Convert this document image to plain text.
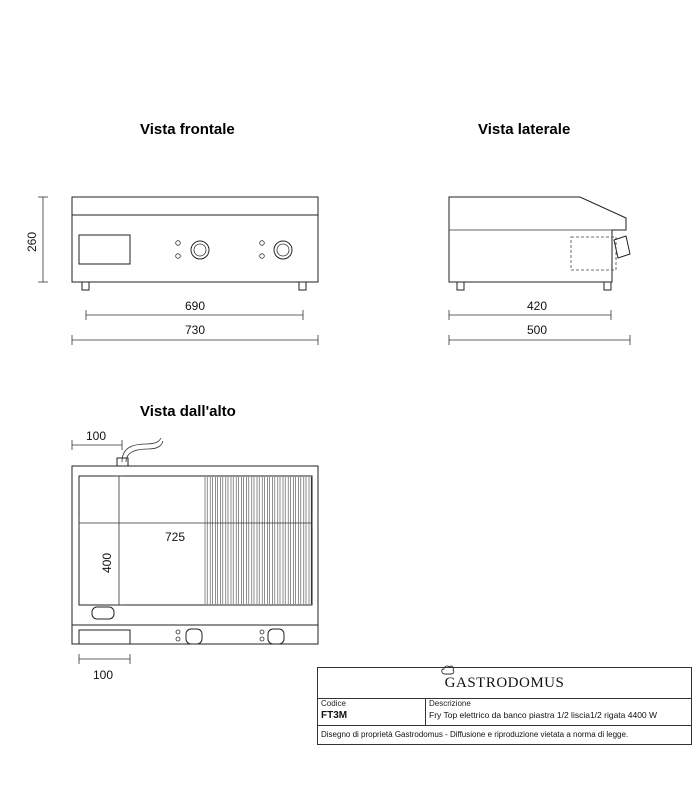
Vista frontale	Vista laterale
Vista dall'alto
260
690
730
420
500
100
725
400
100	GASTRODOMUS
Codice
FT3M
Descrizione
Fry Top elettrico da banco piastra 1/2 liscia1/2 rigata 4400 W
Disegno di proprietà Gastrodomus - Diffusione e riproduzione vietata a norma di legge.
